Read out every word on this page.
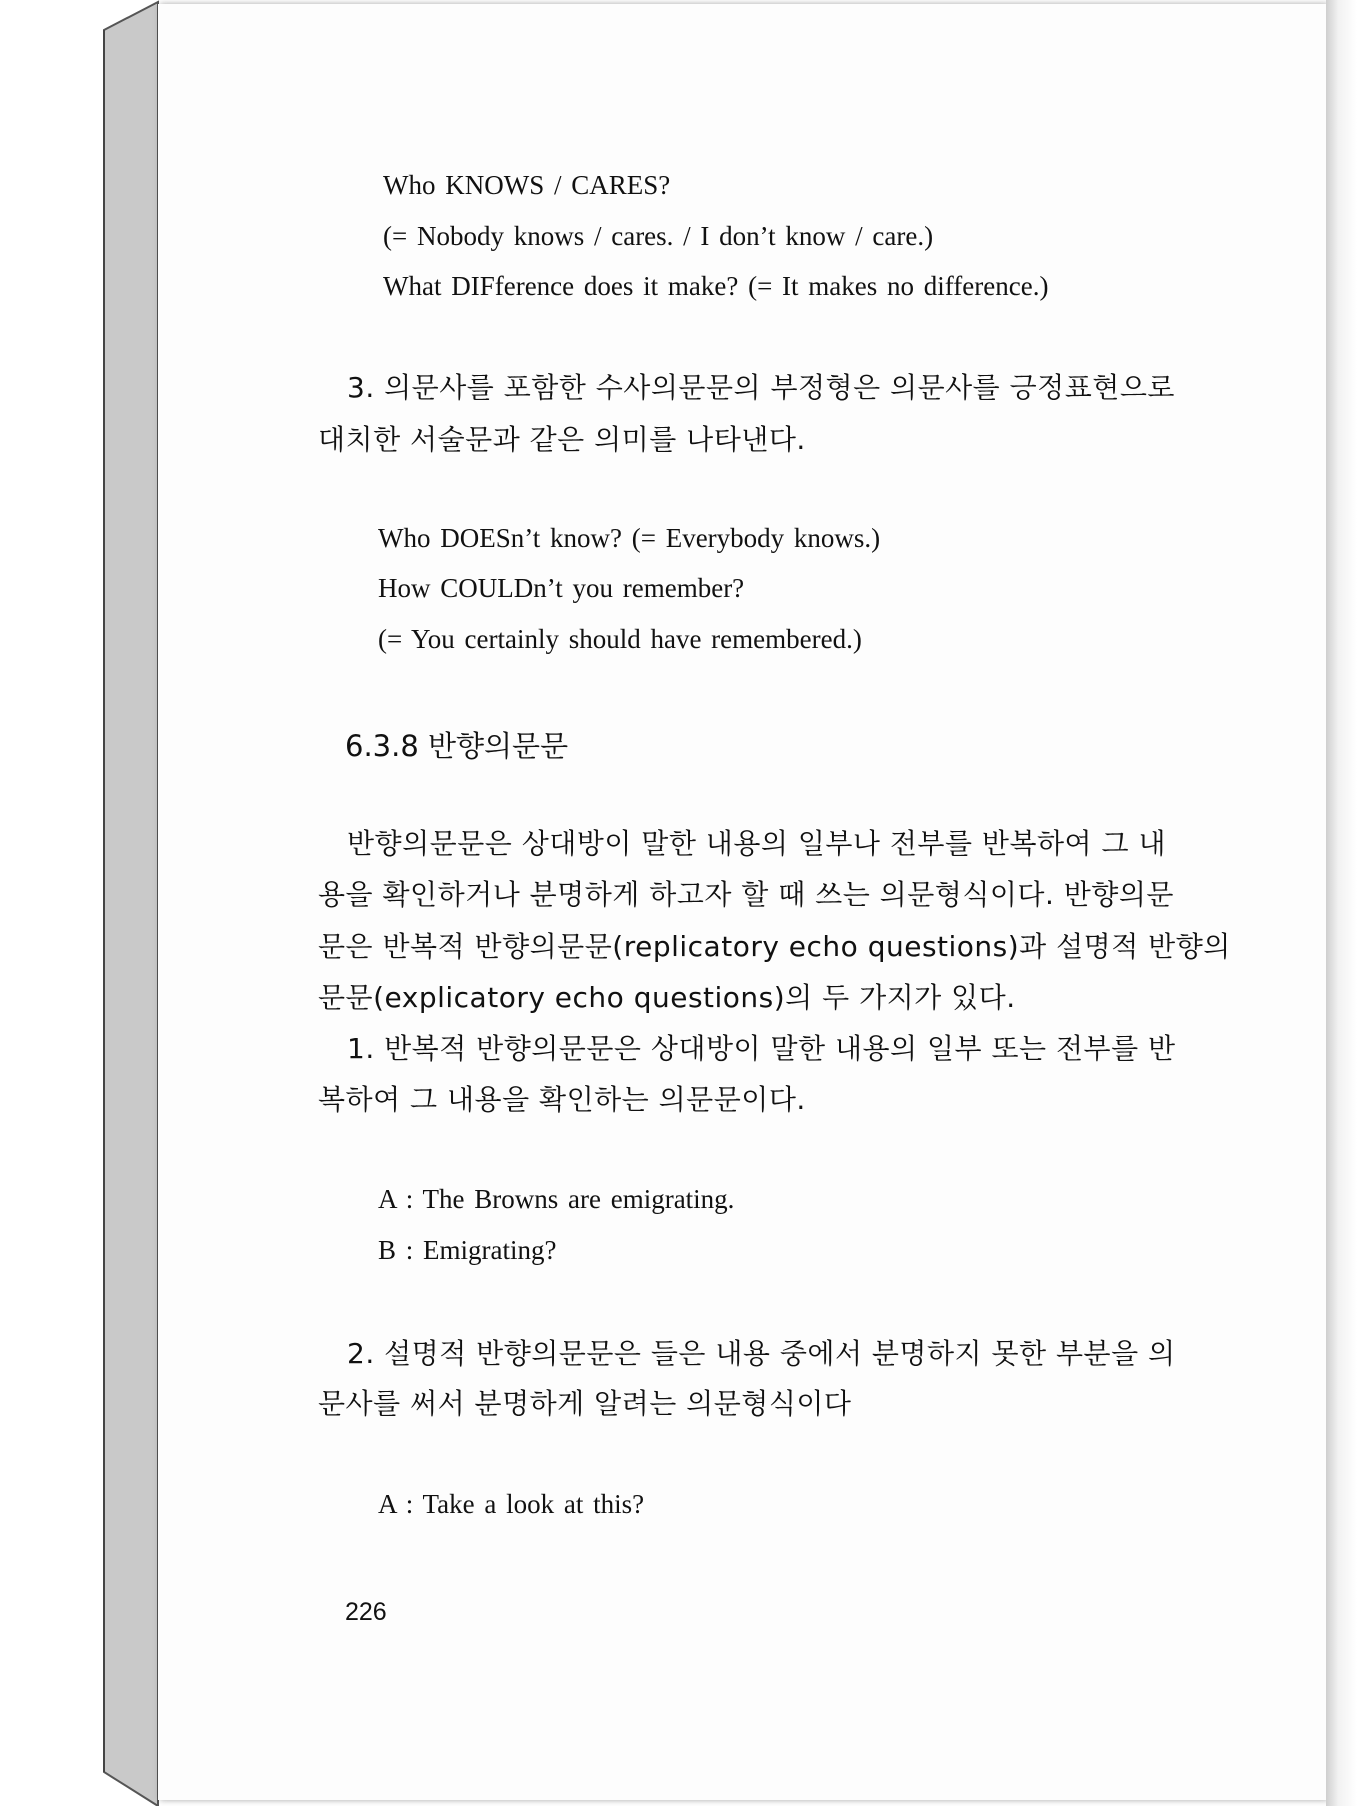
Who KNOWS / CARES?
(= Nobody knows / cares. / I don’t know / care.)
What DIFference does it make? (= It makes no difference.)
3. 의문사를 포함한 수사의문문의 부정형은 의문사를 긍정표현으로
대치한 서술문과 같은 의미를 나타낸다.
Who DOESn’t know? (= Everybody knows.)
How COULDn’t you remember?
(= You certainly should have remembered.)
6.3.8 반향의문문
반향의문문은 상대방이 말한 내용의 일부나 전부를 반복하여 그 내
용을 확인하거나 분명하게 하고자 할 때 쓰는 의문형식이다. 반향의문
문은 반복적 반향의문문(replicatory echo questions)과 설명적 반향의
문문(explicatory echo questions)의 두 가지가 있다.
1. 반복적 반향의문문은 상대방이 말한 내용의 일부 또는 전부를 반
복하여 그 내용을 확인하는 의문문이다.
A : The Browns are emigrating.
B : Emigrating?
2. 설명적 반향의문문은 들은 내용 중에서 분명하지 못한 부분을 의
문사를 써서 분명하게 알려는 의문형식이다
A : Take a look at this?
226
